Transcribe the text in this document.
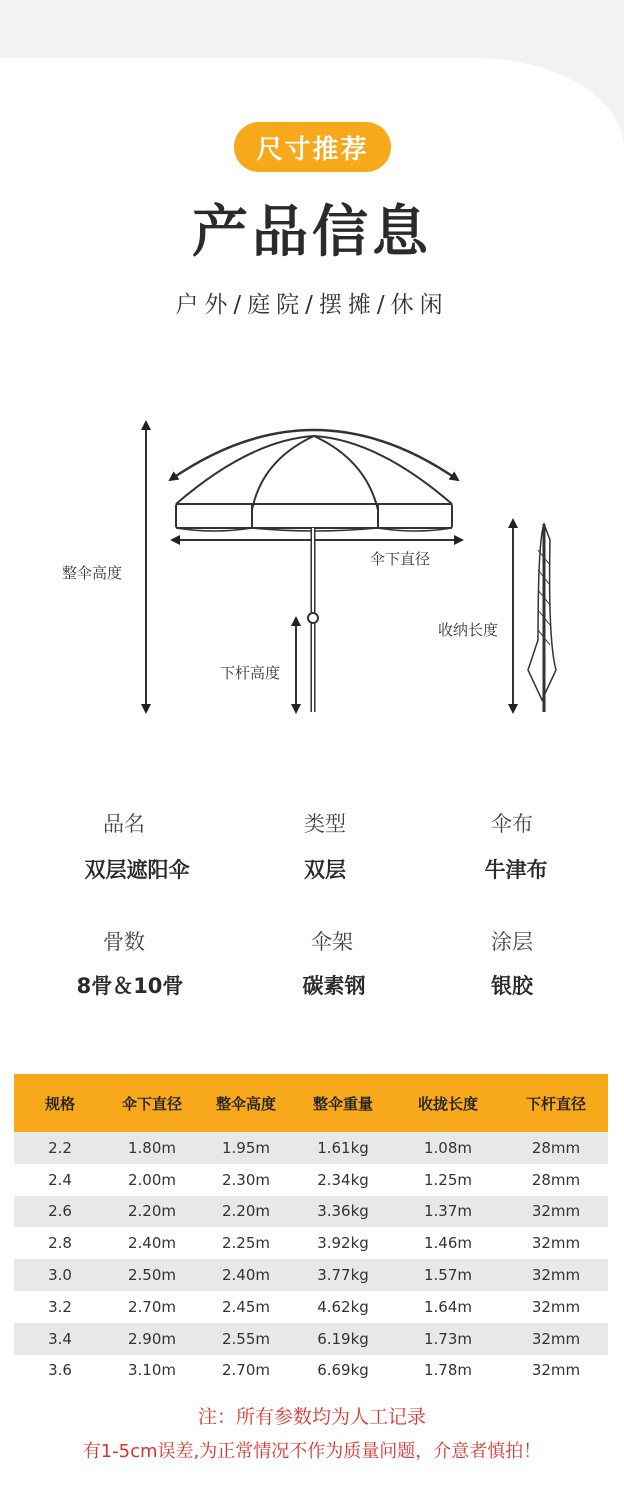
尺寸推荐
产品信息
户外/庭院/摆摊/休闲
整伞高度
伞下直径
下杆高度
收纳长度
品名
双层遮阳伞
类型
双层
伞布
牛津布
骨数
8骨＆10骨
伞架
碳素钢
涂层
银胶
规格	伞下直径	整伞高度	整伞重量	收拢长度	下杆直径
2.2	1.80m	1.95m	1.61kg	1.08m	28mm
2.4	2.00m	2.30m	2.34kg	1.25m	28mm
2.6	2.20m	2.20m	3.36kg	1.37m	32mm
2.8	2.40m	2.25m	3.92kg	1.46m	32mm
3.0	2.50m	2.40m	3.77kg	1.57m	32mm
3.2	2.70m	2.45m	4.62kg	1.64m	32mm
3.4	2.90m	2.55m	6.19kg	1.73m	32mm
3.6	3.10m	2.70m	6.69kg	1.78m	32mm
注：所有参数均为人工记录
有1-5cm误差,为正常情况不作为质量问题，介意者慎拍！
